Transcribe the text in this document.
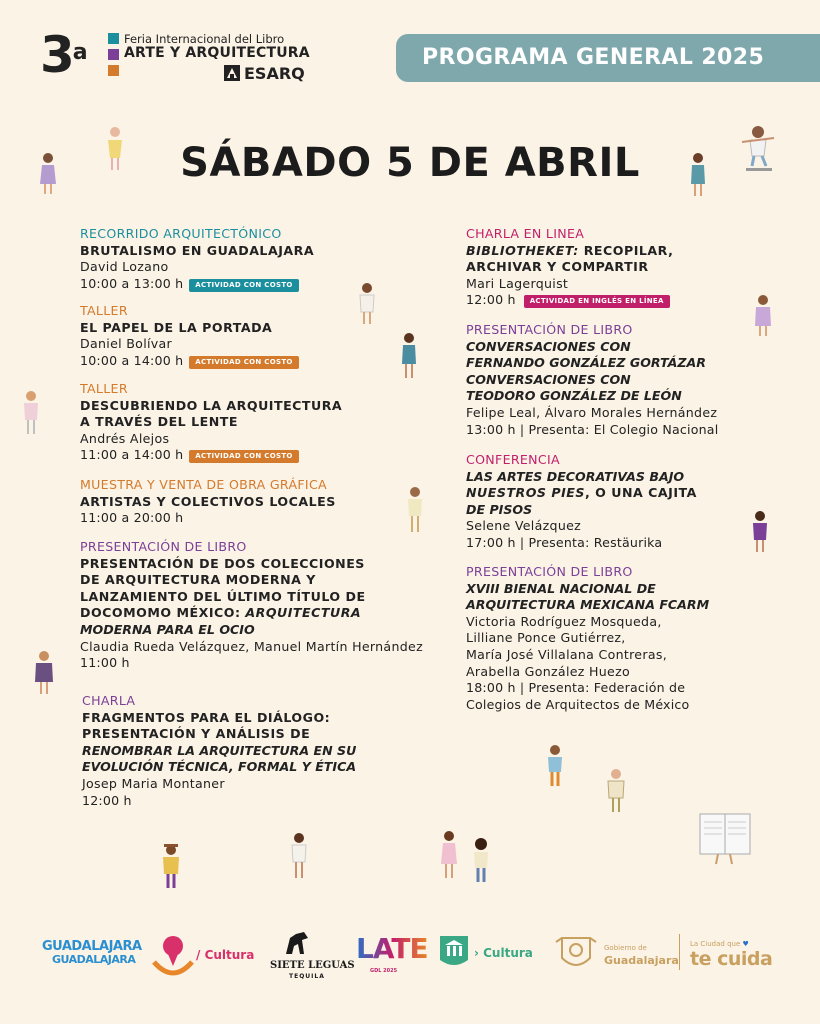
3$^a$
Feria Internacional del Libro
ARTE Y ARQUITECTURA
ESARQ
PROGRAMA GENERAL 2025
SÁBADO 5 DE ABRIL
RECORRIDO ARQUITECTÓNICO
BRUTALISMO EN GUADALAJARA
David Lozano
10:00 a 13:00 h ACTIVIDAD CON COSTO
TALLER
EL PAPEL DE LA PORTADA
Daniel Bolívar
10:00 a 14:00 h ACTIVIDAD CON COSTO
TALLER
DESCUBRIENDO LA ARQUITECTURA
A TRAVÉS DEL LENTE
Andrés Alejos
11:00 a 14:00 h ACTIVIDAD CON COSTO
MUESTRA Y VENTA DE OBRA GRÁFICA
ARTISTAS Y COLECTIVOS LOCALES
11:00 a 20:00 h
PRESENTACIÓN DE LIBRO
PRESENTACIÓN DE DOS COLECCIONES
DE ARQUITECTURA MODERNA Y
LANZAMIENTO DEL ÚLTIMO TÍTULO DE
DOCOMOMO MÉXICO: ARQUITECTURA
MODERNA PARA EL OCIO
Claudia Rueda Velázquez, Manuel Martín Hernández
11:00 h
CHARLA
FRAGMENTOS PARA EL DIÁLOGO:
PRESENTACIÓN Y ANÁLISIS DE
RENOMBRAR LA ARQUITECTURA EN SU
EVOLUCIÓN TÉCNICA, FORMAL Y ÉTICA
Josep Maria Montaner
12:00 h
CHARLA EN LINEA
BIBLIOTHEKET: RECOPILAR,
ARCHIVAR Y COMPARTIR
Mari Lagerquist
12:00 h ACTIVIDAD EN INGLÉS EN LÍNEA
PRESENTACIÓN DE LIBRO
CONVERSACIONES CON
FERNANDO GONZÁLEZ GORTÁZAR
CONVERSACIONES CON
TEODORO GONZÁLEZ DE LEÓN
Felipe Leal, Álvaro Morales Hernández
13:00 h | Presenta: El Colegio Nacional
CONFERENCIA
LAS ARTES DECORATIVAS BAJO
NUESTROS PIES, O UNA CAJITA
DE PISOS
Selene Velázquez
17:00 h | Presenta: Restäurika
PRESENTACIÓN DE LIBRO
XVIII BIENAL NACIONAL DE
ARQUITECTURA MEXICANA FCARM
Victoria Rodríguez Mosqueda,
Lilliane Ponce Gutiérrez,
María José Villalana Contreras,
Arabella González Huezo
18:00 h | Presenta: Federación de
Colegios de Arquitectos de México
GUADALAJARA
GUADALAJARA	/ Cultura
SIETE LEGUAS
TEQUILA
LATE
GDL 2025
› Cultura	Gobierno de
Guadalajara
La Ciudad que ♥
te cuida
